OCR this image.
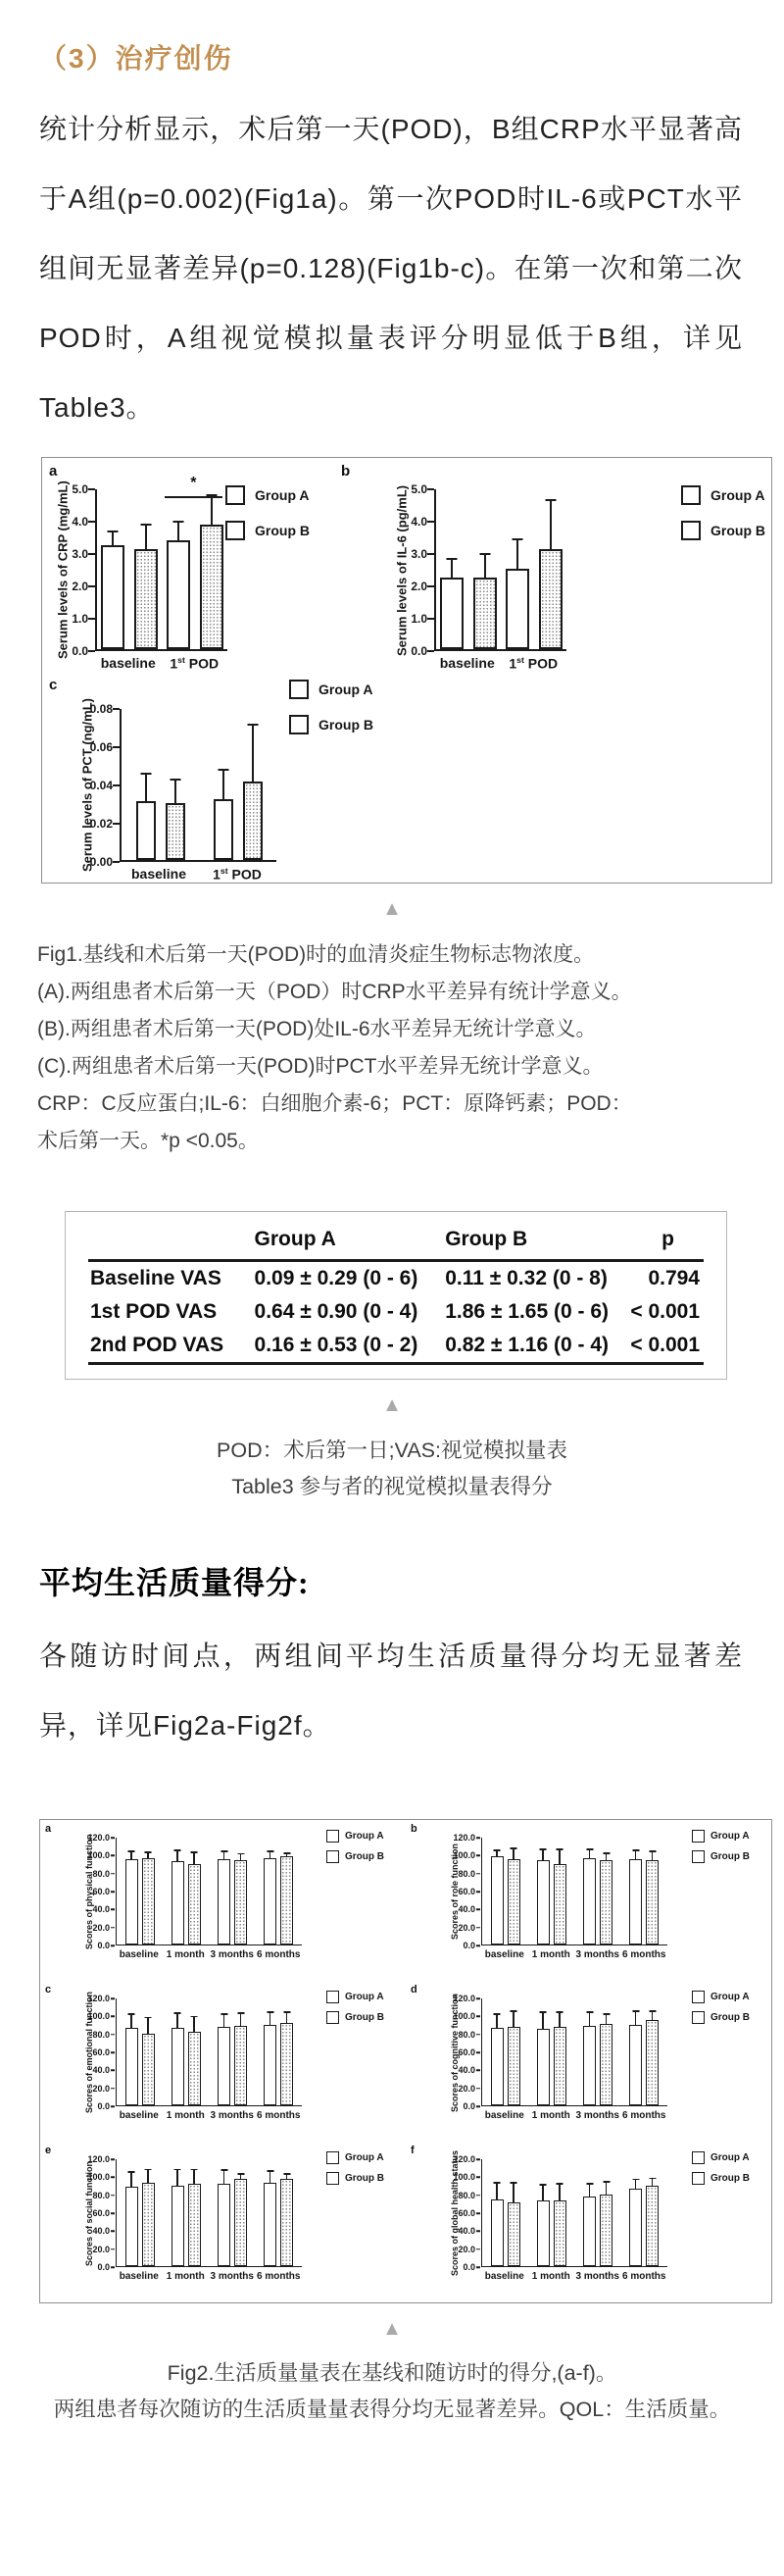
（3）治疗创伤

统计分析显示，术后第一天(POD)，B组CRP水平显著高于A组(p=0.002)(Fig1a)。第一次POD时IL-6或PCT水平组间无显著差异(p=0.128)(Fig1b-c)。在第一次和第二次POD时，A组视觉模拟量表评分明显低于B组，详见Table3。

a
Serum levels of CRP (mg/mL) 5.0
4.0
3.0
2.0
1.0
0.0
*
baseline 1st POD
Group A
Group B
b
Serum levels of IL-6 (pg/mL) 5.0
4.0
3.0
2.0
1.0
0.0
baseline 1st POD
Group A
Group B
c
Serum levels of PCT (ng/mL)
0.08
0.06
0.04
0.02
0.00
baseline 1st POD
Group A
Group B
▲
Fig1.基线和术后第一天(POD)时的血清炎症生物标志物浓度。
(A).两组患者术后第一天（POD）时CRP水平差异有统计学意义。
(B).两组患者术后第一天(POD)处IL-6水平差异无统计学意义。
(C).两组患者术后第一天(POD)时PCT水平差异无统计学意义。
CRP：C反应蛋白;IL-6：白细胞介素-6；PCT：原降钙素；POD：
术后第一天。*p <0.05。
	Group A	Group B	p
Baseline VAS	0.09 ± 0.29 (0 - 6)	0.11 ± 0.32 (0 - 8)	0.794
1st POD VAS	0.64 ± 0.90 (0 - 4)	1.86 ± 1.65 (0 - 6)	< 0.001
2nd POD VAS	0.16 ± 0.53 (0 - 2)	0.82 ± 1.16 (0 - 4)	< 0.001
▲
POD：术后第一日;VAS:视觉模拟量表
Table3 参与者的视觉模拟量表得分
平均生活质量得分:

各随访时间点，两组间平均生活质量得分均无显著差异，详见Fig2a-Fig2f。

a
Scores of physical function
120.0
100.0
80.0
60.0
40.0
20.0
0.0
baseline 1 month 3 months 6 months
Group A
Group B
b
Scores of role function
120.0
100.0
80.0
60.0
40.0
20.0
0.0
baseline 1 month 3 months 6 months
Group A
Group B
c
Scores of emotional function
120.0
100.0
80.0
60.0
40.0
20.0
0.0
baseline 1 month 3 months 6 months
Group A
Group B
d
Scores of cognitive function
120.0
100.0
80.0
60.0
40.0
20.0
0.0
baseline 1 month 3 months 6 months
Group A
Group B
e
Scores of social function
120.0
100.0
80.0
60.0
40.0
20.0
0.0
baseline 1 month 3 months 6 months
Group A
Group B
f	Scores of global health status
120.0
100.0
80.0
60.0
40.0
20.0
0.0
baseline 1 month 3 months 6 months
Group A
Group B
▲
Fig2.生活质量量表在基线和随访时的得分,(a-f)。
两组患者每次随访的生活质量量表得分均无显著差异。QOL：生活质量。
